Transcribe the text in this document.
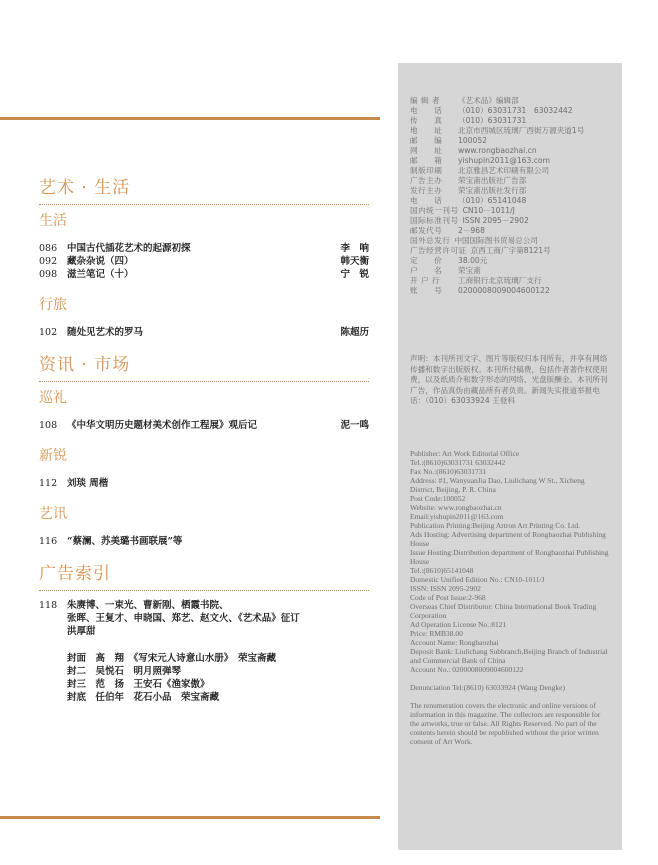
艺术 · 生活
生活
086	中国古代插花艺术的起源初探	李　响
092	藏杂杂说（四）	韩天衡
098	滋兰笔记（十）	宁　锐
行旅
102	随处见艺术的罗马	陈超历
资讯 · 市场
巡礼
108	《中华文明历史题材美术创作工程展》观后记	泥一鸣
新锐
112	刘琰 周楷
艺讯
116	“蔡澜、苏美璐书画联展”等
广告索引
118	朱赓博、一束光、曹新刚、栖霞书院、
张晖、王复才、申晓国、郑艺、赵文火、《艺术品》征订
洪厚甜
封面　高　翔　《写宋元人诗意山水册》　荣宝斋藏
封二　吴悦石　明月照弹琴
封三　范　扬　王安石《渔家傲》
封底　任伯年　花石小品　荣宝斋藏
编 辑 者	《艺术品》编辑部
电　　话	（010）63031731　63032442
传　　真	（010）63031731
地　　址	北京市西城区琉璃厂西街万源夹道1号
邮　　编	100052
网　　址	www.rongbaozhai.cn
邮　　箱	yishupin2011@163.com
制版印刷	北京雅昌艺术印刷有限公司
广告主办	荣宝斋出版社广告部
发行主办	荣宝斋出版社发行部
电　　话	（010）65141048
国内统一刊号 CN10－1011/J
国际标准刊号 ISSN 2095－2902
邮发代号	2－968
国外总发行 中国国际图书贸易总公司
广告经营许可证 京西工商广字第8121号
定　　价	38.00元
户　　名	荣宝斋
开 户 行	工商银行北京琉璃厂支行
账　　号	0200008009004600122
声明：本刊所刊文字、图片等版权归本刊所有，并享有网络传播和数字出版版权。本刊所付稿费，包括作者著作权使用费，以及纸质介和数字形态的网络、光盘版酬金。本刊所刊广告，作品真伪由藏品所有者负责。新闻失实报道举报电话：（010）63033924 王登科
Publisher: Art Work Editorial Office
Tel.:(8610)63031731 63032442
Fax No.:(8610)63031731
Address: #1, WanyuanJia Dao, Liulichang W St., Xicheng District, Beijing, P. R. China
Post Code:100052
Website: www.rongbaozhai.cn
Email:yishupin2011@163.com
Publication Printing:Beijing Artron Art Printing Co. Ltd.
Ads Hosting: Advertising department of Rongbaozhai Publishing House
Issue Hosting:Distribution department of Rongbaozhai Publishing House
Tel.:(8610)65141048
Domestic Unified Edition No.: CN10-1011/J
ISSN: ISSN 2095-2902
Code of Post Issue:2-968
Overseas Chief Distributor: China International Book Trading Corporation
Ad Operation License No.:8121
Price: RMB38.00
Account Name: Rongbaozhai
Deposit Bank: Liulichang Subbranch,Beijing Branch of Industrial and Commercial Bank of China
Account No.: 0200008009004600122
Denunciation Tel:(8610) 63033924 (Wang Dengke)
The renumeration covers the electronic and online versions of information in this magazine. The collectors are responsible for the artworks, true or false. All Rights Reserved. No part of the contents herein should be republished without the prior written consent of Art Work.
